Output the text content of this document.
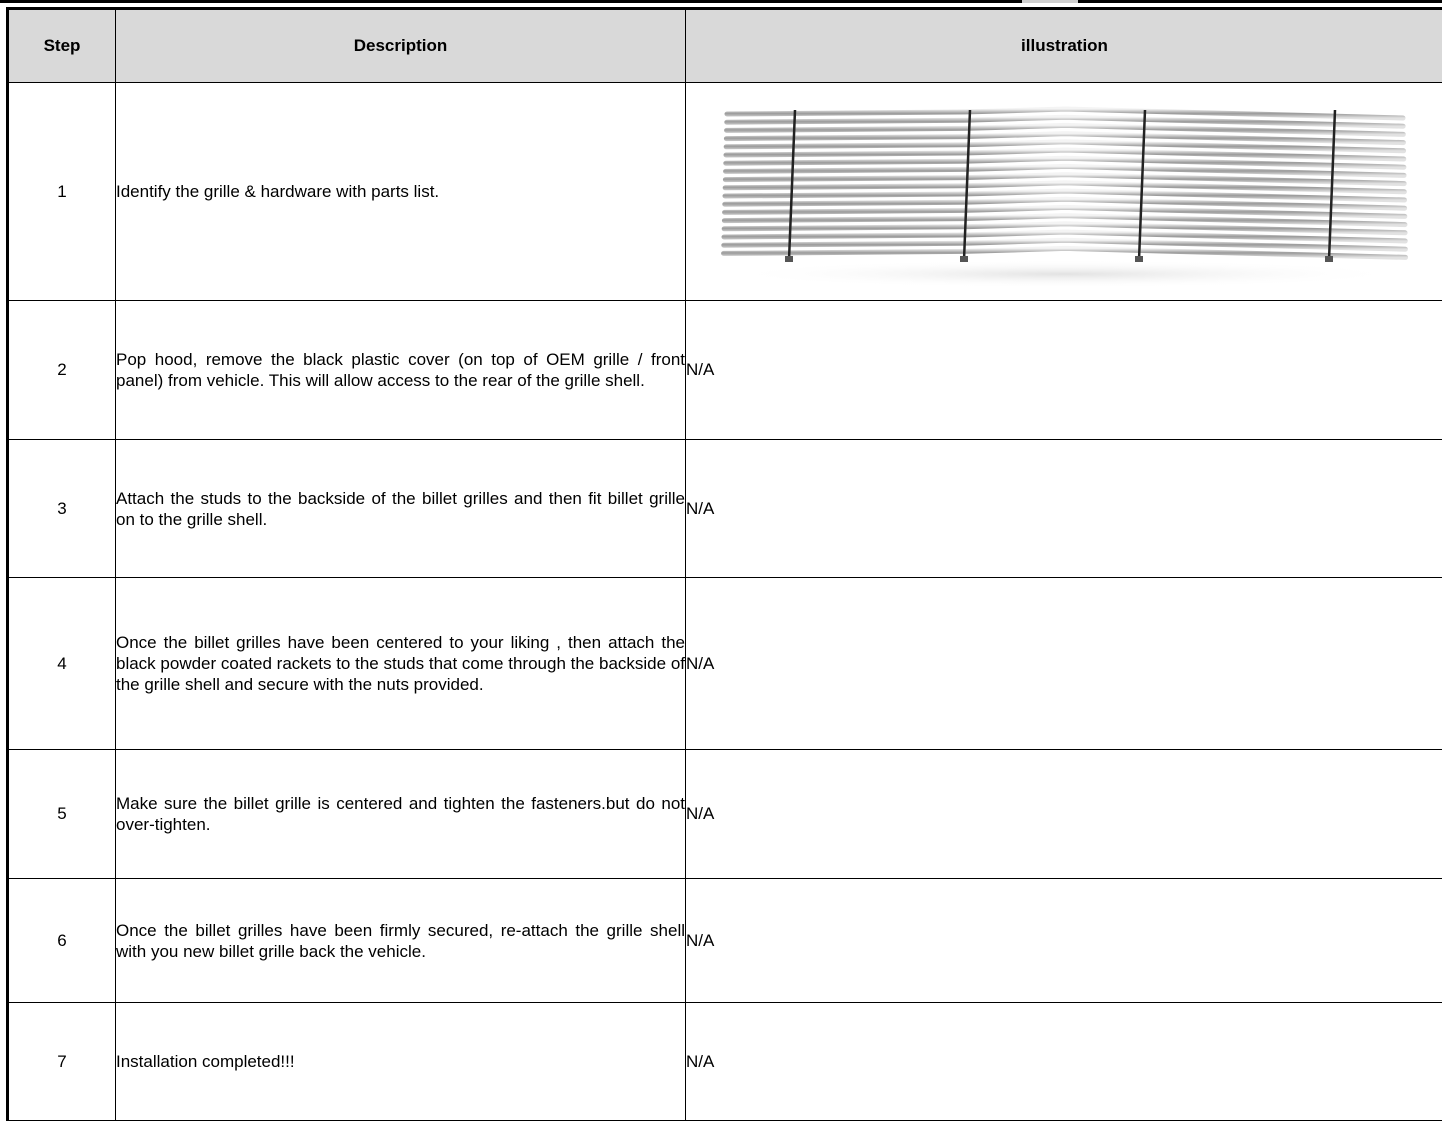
Step	Description	illustration
1	Identify the grille & hardware with parts list.	

2	Pop hood, remove the black plastic cover (on top of OEM grille / front panel) from vehicle. This will allow access to the rear of the grille shell.	N/A
3	Attach the studs to the backside of the billet grilles and then fit billet grille on to the grille shell.	N/A
4	Once the billet grilles have been centered to your liking , then attach the black powder coated rackets to the studs that come through the backside of the grille shell and secure with the nuts provided.	N/A
5	Make sure the billet grille is centered and tighten the fasteners.but do not over-tighten.	N/A
6	Once the billet grilles have been firmly secured, re-attach the grille shell with you new billet grille back the vehicle.	N/A
7	Installation completed!!!	N/A
